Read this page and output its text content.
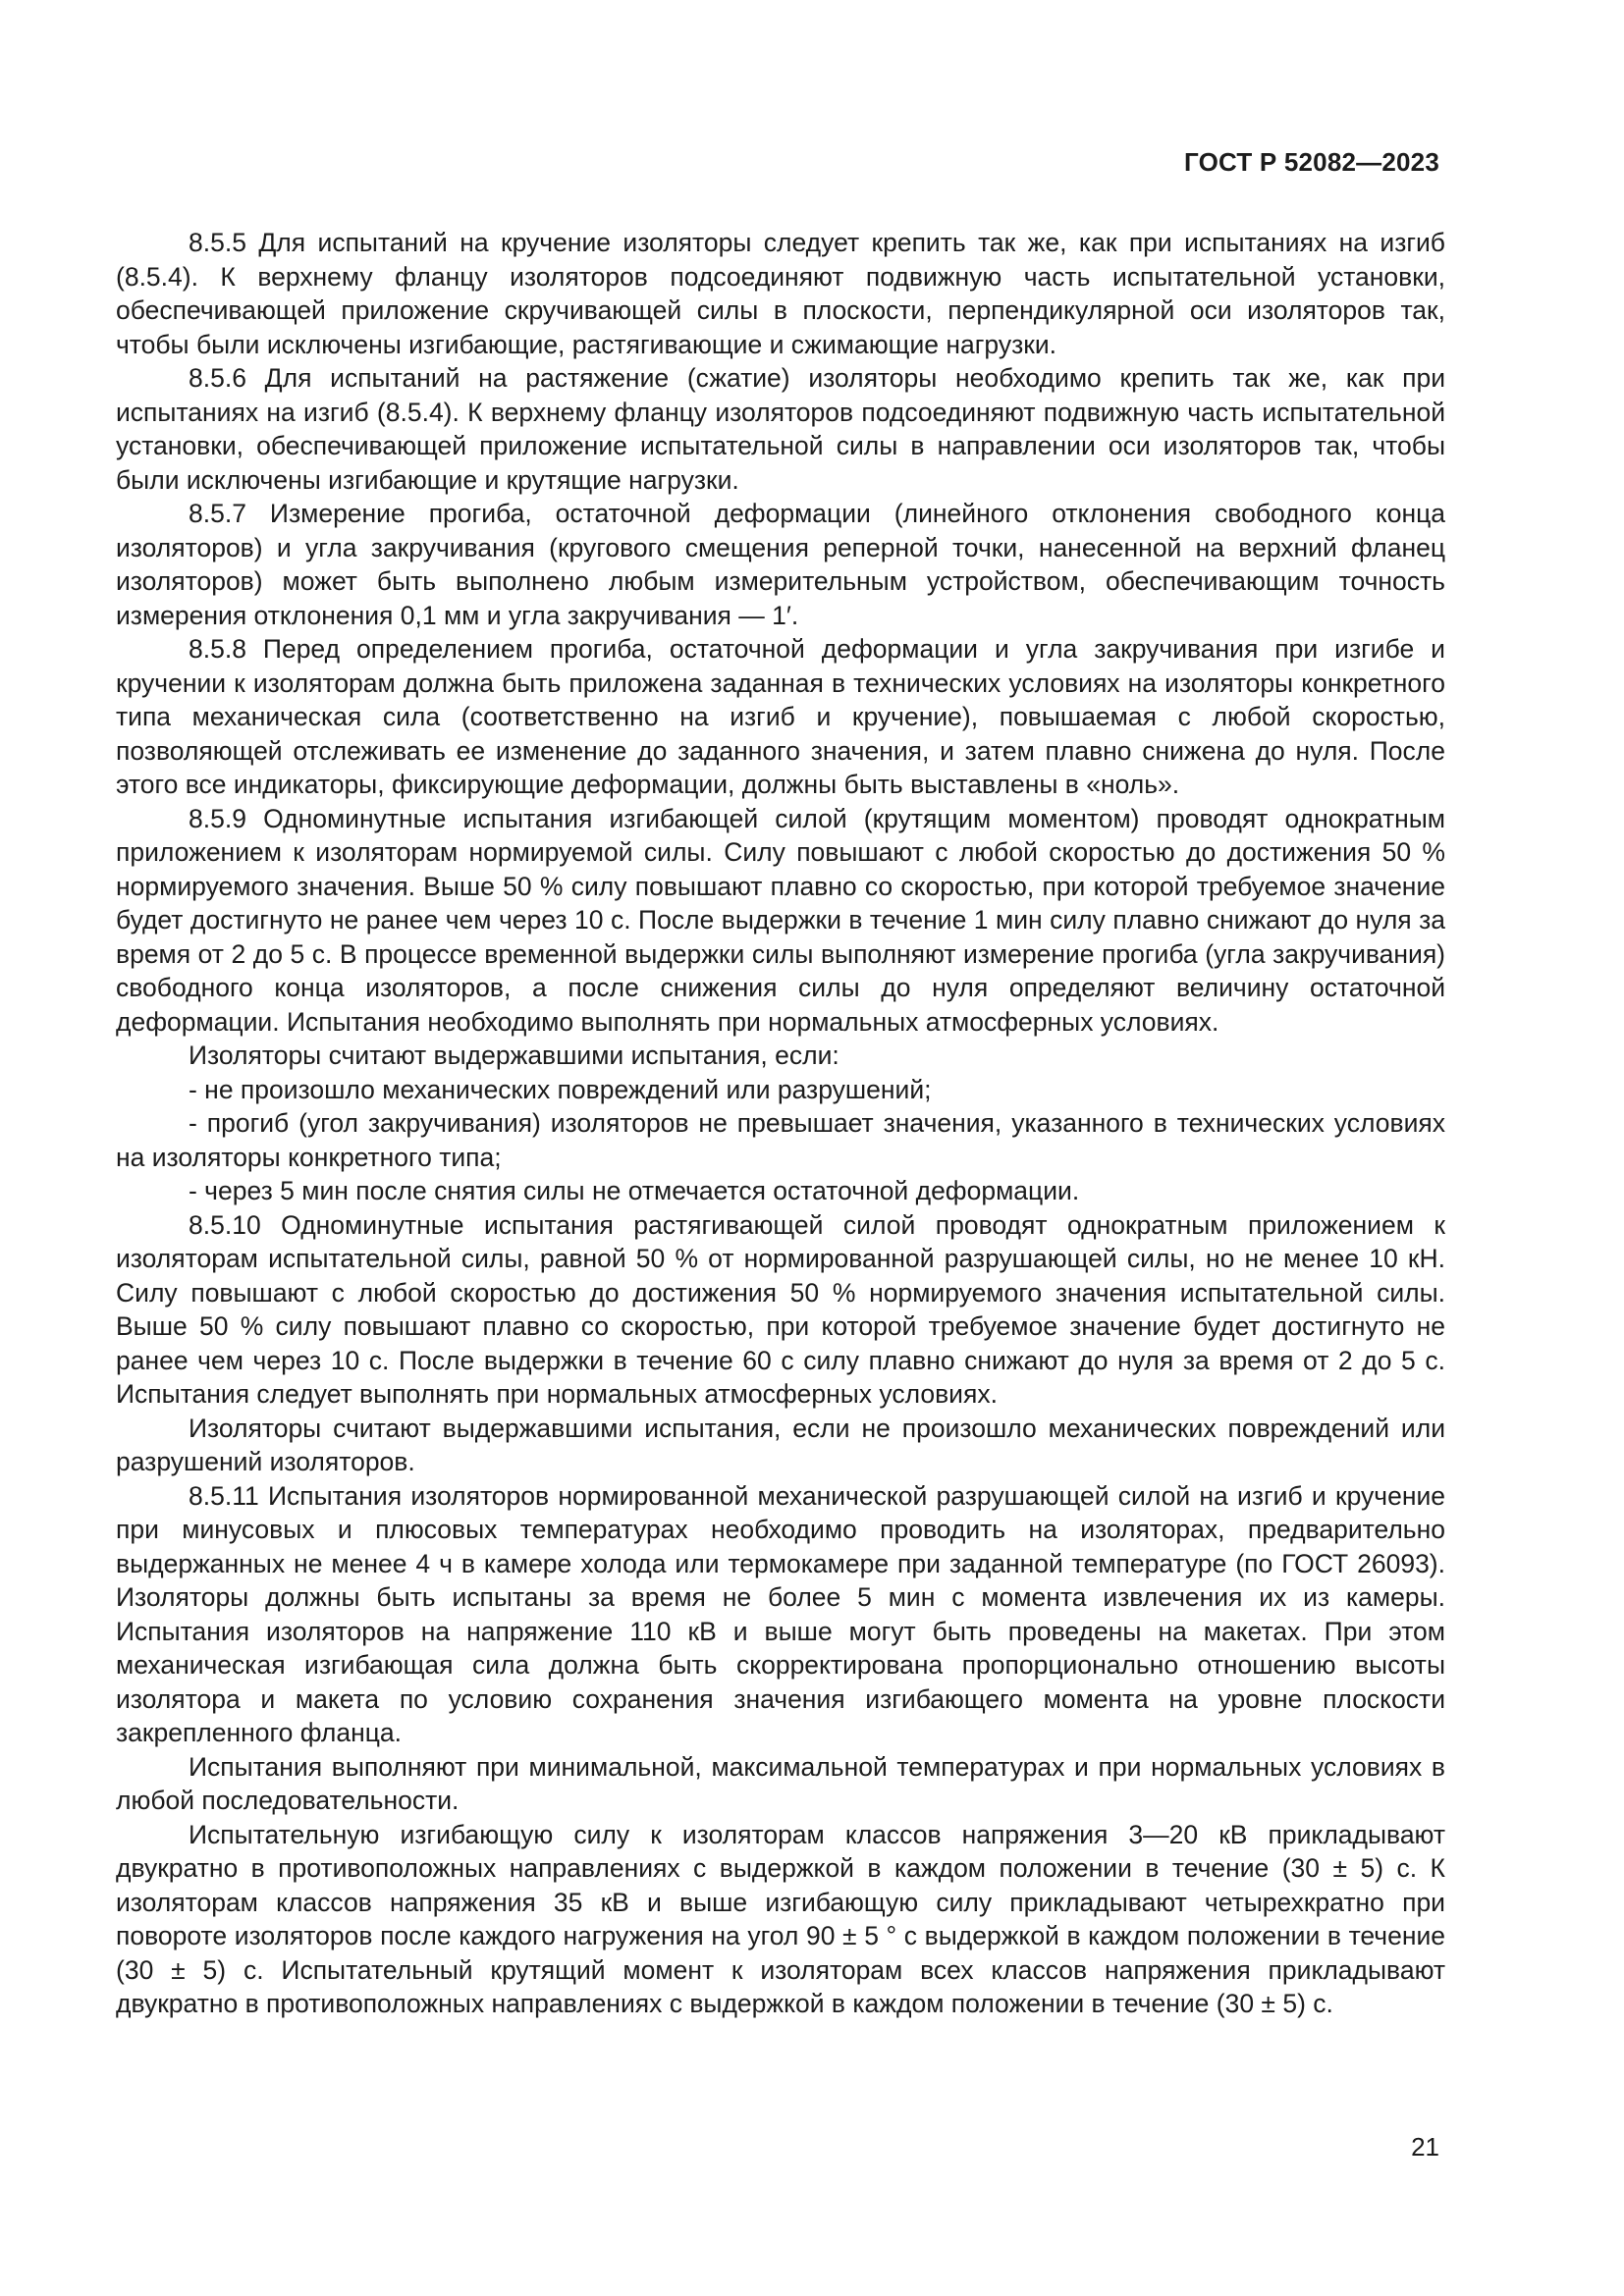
ГОСТ Р 52082—2023

8.5.5 Для испытаний на кручение изоляторы следует крепить так же, как при испытаниях на изгиб (8.5.4). К верхнему фланцу изоляторов подсоединяют подвижную часть испытательной установки, обеспечивающей приложение скручивающей силы в плоскости, перпендикулярной оси изоляторов так, чтобы были исключены изгибающие, растягивающие и сжимающие нагрузки.

8.5.6 Для испытаний на растяжение (сжатие) изоляторы необходимо крепить так же, как при испытаниях на изгиб (8.5.4). К верхнему фланцу изоляторов подсоединяют подвижную часть испытательной установки, обеспечивающей приложение испытательной силы в направлении оси изоляторов так, чтобы были исключены изгибающие и крутящие нагрузки.

8.5.7 Измерение прогиба, остаточной деформации (линейного отклонения свободного конца изоляторов) и угла закручивания (кругового смещения реперной точки, нанесенной на верхний фланец изоляторов) может быть выполнено любым измерительным устройством, обеспечивающим точность измерения отклонения 0,1 мм и угла закручивания — 1′.

8.5.8 Перед определением прогиба, остаточной деформации и угла закручивания при изгибе и кручении к изоляторам должна быть приложена заданная в технических условиях на изоляторы конкретного типа механическая сила (соответственно на изгиб и кручение), повышаемая с любой скоростью, позволяющей отслеживать ее изменение до заданного значения, и затем плавно снижена до нуля. После этого все индикаторы, фиксирующие деформации, должны быть выставлены в «ноль».

8.5.9 Одноминутные испытания изгибающей силой (крутящим моментом) проводят однократным приложением к изоляторам нормируемой силы. Силу повышают с любой скоростью до достижения 50 % нормируемого значения. Выше 50 % силу повышают плавно со скоростью, при которой требуемое значение будет достигнуто не ранее чем через 10 с. После выдержки в течение 1 мин силу плавно снижают до нуля за время от 2 до 5 с. В процессе временной выдержки силы выполняют измерение прогиба (угла закручивания) свободного конца изоляторов, а после снижения силы до нуля определяют величину остаточной деформации. Испытания необходимо выполнять при нормальных атмосферных условиях.

Изоляторы считают выдержавшими испытания, если:

- не произошло механических повреждений или разрушений;

- прогиб (угол закручивания) изоляторов не превышает значения, указанного в технических условиях на изоляторы конкретного типа;

- через 5 мин после снятия силы не отмечается остаточной деформации.

8.5.10 Одноминутные испытания растягивающей силой проводят однократным приложением к изоляторам испытательной силы, равной 50 % от нормированной разрушающей силы, но не менее 10 кН. Силу повышают с любой скоростью до достижения 50 % нормируемого значения испытательной силы. Выше 50 % силу повышают плавно со скоростью, при которой требуемое значение будет достигнуто не ранее чем через 10 с. После выдержки в течение 60 с силу плавно снижают до нуля за время от 2 до 5 с. Испытания следует выполнять при нормальных атмосферных условиях.

Изоляторы считают выдержавшими испытания, если не произошло механических повреждений или разрушений изоляторов.

8.5.11 Испытания изоляторов нормированной механической разрушающей силой на изгиб и кручение при минусовых и плюсовых температурах необходимо проводить на изоляторах, предварительно выдержанных не менее 4 ч в камере холода или термокамере при заданной температуре (по ГОСТ 26093). Изоляторы должны быть испытаны за время не более 5 мин с момента извлечения их из камеры. Испытания изоляторов на напряжение 110 кВ и выше могут быть проведены на макетах. При этом механическая изгибающая сила должна быть скорректирована пропорционально отношению высоты изолятора и макета по условию сохранения значения изгибающего момента на уровне плоскости закрепленного фланца.

Испытания выполняют при минимальной, максимальной температурах и при нормальных условиях в любой последовательности.

Испытательную изгибающую силу к изоляторам классов напряжения 3—20 кВ прикладывают двукратно в противоположных направлениях с выдержкой в каждом положении в течение (30 ± 5) с. К изоляторам классов напряжения 35 кВ и выше изгибающую силу прикладывают четырехкратно при повороте изоляторов после каждого нагружения на угол 90 ± 5 ° с выдержкой в каждом положении в течение (30 ± 5) с. Испытательный крутящий момент к изоляторам всех классов напряжения прикладывают двукратно в противоположных направлениях с выдержкой в каждом положении в течение (30 ± 5) с.

21
